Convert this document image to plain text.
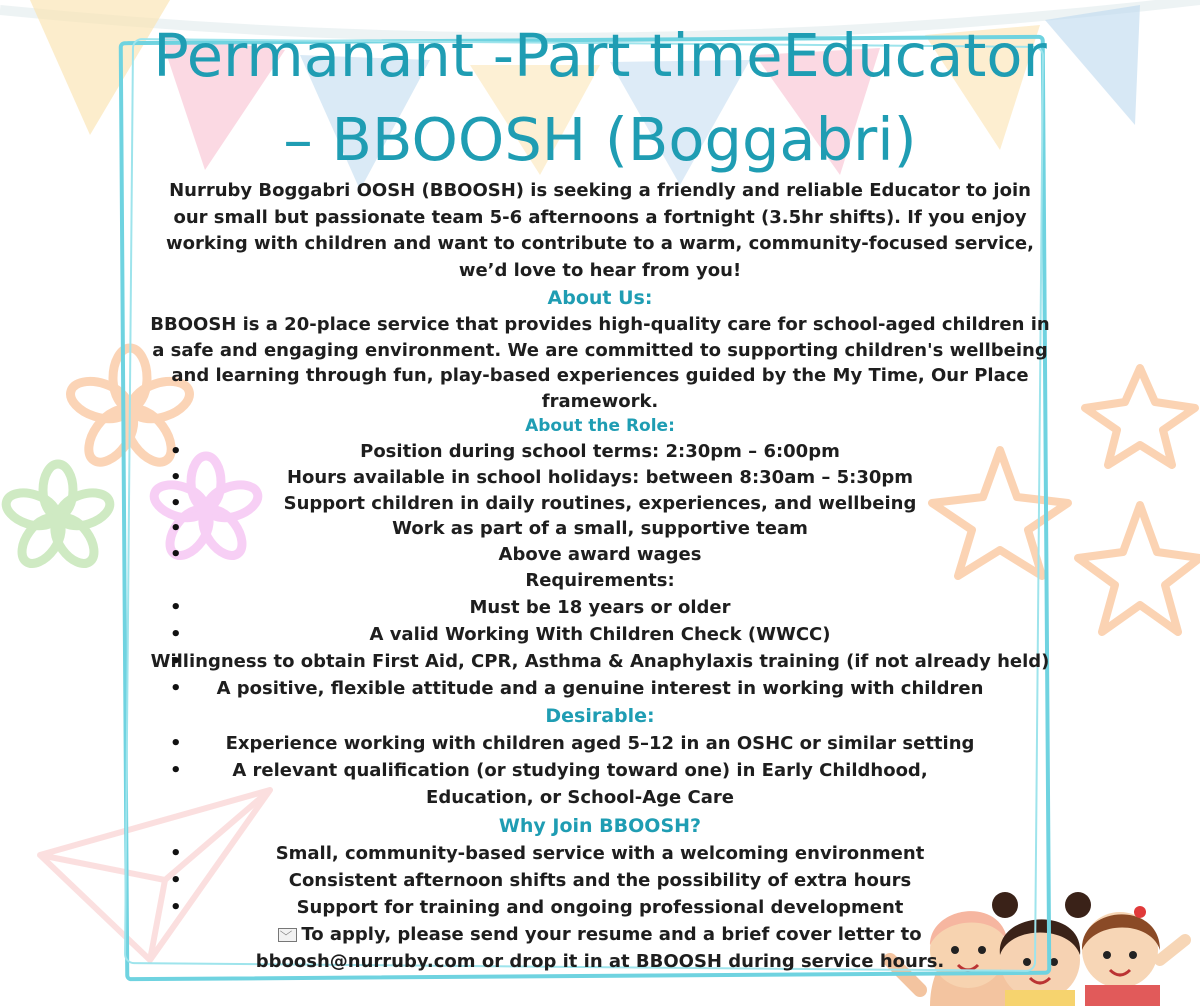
Permanant -Part timeEducator – BBOOSH (Boggabri)

Nurruby Boggabri OOSH (BBOOSH) is seeking a friendly and reliable Educator to join our small but passionate team 5-6 afternoons a fortnight (3.5hr shifts). If you enjoy working with children and want to contribute to a warm, community-focused service, we’d love to hear from you!

About Us:

BBOOSH is a 20-place service that provides high-quality care for school-aged children in a safe and engaging environment. We are committed to supporting children's wellbeing and learning through fun, play-based experiences guided by the My Time, Our Place framework.

About the Role:
• Position during school terms: 2:30pm – 6:00pm
• Hours available in school holidays: between 8:30am – 5:30pm
• Support children in daily routines, experiences, and wellbeing
• Work as part of a small, supportive team
• Above award wages

Requirements:

• Must be 18 years or older
• A valid Working With Children Check (WWCC)
• Willingness to obtain First Aid, CPR, Asthma & Anaphylaxis training (if not already held)
• A positive, flexible attitude and a genuine interest in working with children
Desirable:
• Experience working with children aged 5–12 in an OSHC or similar setting
• A relevant qualification (or studying toward one) in Early Childhood, Education, or School-Age Care
Why Join BBOOSH?
• Small, community-based service with a welcoming environment
• Consistent afternoon shifts and the possibility of extra hours
• Support for training and ongoing professional development

To apply, please send your resume and a brief cover letter to bboosh@nurruby.com or drop it in at BBOOSH during service hours.
